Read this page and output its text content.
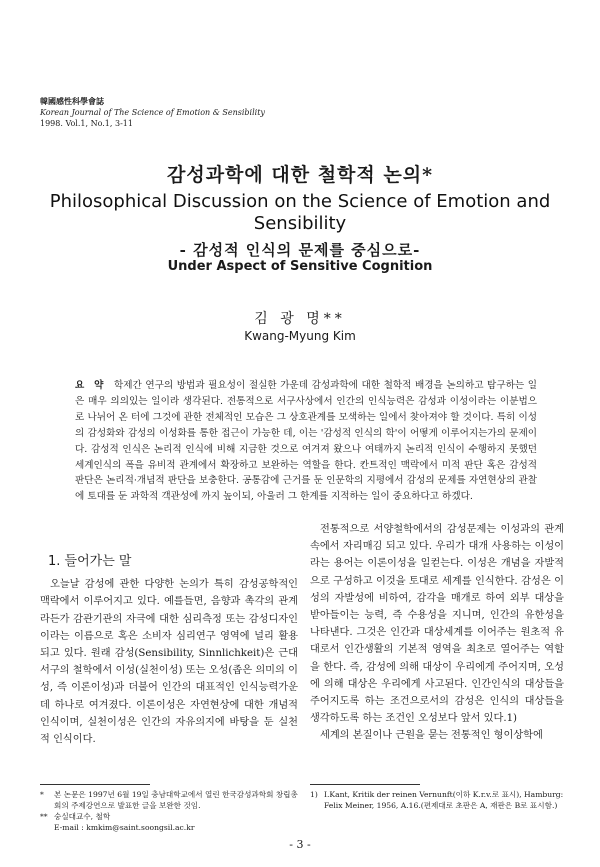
韓國感性科學會誌
Korean Journal of The Science of Emotion & Sensibility
1998. Vol.1, No.1, 3-11
감성과학에 대한 철학적 논의*
Philosophical Discussion on the Science of Emotion and Sensibility
- 감성적 인식의 문제를 중심으로-
Under Aspect of Sensitive Cognition
김 광 명**
Kwang-Myung Kim
요 약 학제간 연구의 방법과 필요성이 절실한 가운데 감성과학에 대한 철학적 배경을 논의하고 탐구하는 일은 매우 의의있는 일이라 생각된다. 전통적으로 서구사상에서 인간의 인식능력은 감성과 이성이라는 이분법으로 나뉘어 온 터에 그것에 관한 전체적인 모습은 그 상호관계를 모색하는 일에서 찾아져야 할 것이다. 특히 이성의 감성화와 감성의 이성화를 통한 접근이 가능한 데, 이는 '감성적 인식의 학'이 어떻게 이루어지는가의 문제이다. 감성적 인식은 논리적 인식에 비해 지금한 것으로 여겨져 왔으나 여태까지 논리적 인식이 수행하지 못했던 세계인식의 폭을 유비적 관계에서 확장하고 보완하는 역할을 한다. 칸트적인 맥락에서 미적 판단 혹은 감성적 판단은 논리적·개념적 판단을 보충한다. 공통감에 근거를 둔 인문학의 지평에서 감성의 문제를 자연현상의 관찰에 토대를 둔 과학적 객관성에 까지 높이되, 아울러 그 한계를 지적하는 일이 중요하다고 하겠다.
1. 들어가는 말

오늘날 감성에 관한 다양한 논의가 특히 감성공학적인 맥락에서 이루어지고 있다. 예를들면, 음향과 촉각의 관계라든가 감관기관의 자극에 대한 심리측정 또는 감성디자인이라는 이름으로 혹은 소비자 심리연구 영역에 널리 활용되고 있다. 원래 감성(Sensibility, Sinnlichkeit)은 근대 서구의 철학에서 이성(실천이성) 또는 오성(좁은 의미의 이성, 즉 이론이성)과 더불어 인간의 대표적인 인식능력가운데 하나로 여겨졌다. 이론이성은 자연현상에 대한 개념적 인식이며, 실천이성은 인간의 자유의지에 바탕을 둔 실천적 인식이다.

전통적으로 서양철학에서의 감성문제는 이성과의 관계속에서 자리매김 되고 있다. 우리가 대개 사용하는 이성이라는 용어는 이론이성을 일컫는다. 이성은 개념을 자발적으로 구성하고 이것을 토대로 세계를 인식한다. 감성은 이성의 자발성에 비하여, 감각을 매개로 하여 외부 대상을 받아들이는 능력, 즉 수용성을 지니며, 인간의 유한성을 나타낸다. 그것은 인간과 대상세계를 이어주는 원초적 유대로서 인간생활의 기본적 영역을 최초로 열어주는 역할을 한다. 즉, 감성에 의해 대상이 우리에게 주어지며, 오성에 의해 대상은 우리에게 사고된다. 인간인식의 대상들을 주어지도록 하는 조건으로서의 감성은 인식의 대상들을 생각하도록 하는 조건인 오성보다 앞서 있다.1)

세계의 본질이나 근원을 묻는 전통적인 형이상학에

*	본 논문은 1997년 6월 19일 충남대학교에서 열린 한국감성과학회 창립총회의 주제강연으로 발표한 글을 보완한 것임.
** 숭실대교수, 철학
E-mail : kmkim@saint.soongsil.ac.kr
1) I.Kant, Kritik der reinen Vernunft(이하 K.r.v.로 표시), Hamburg: Felix Meiner, 1956, A.16.(편제대로 초판은 A, 재판은 B로 표시함.)
- 3 -
